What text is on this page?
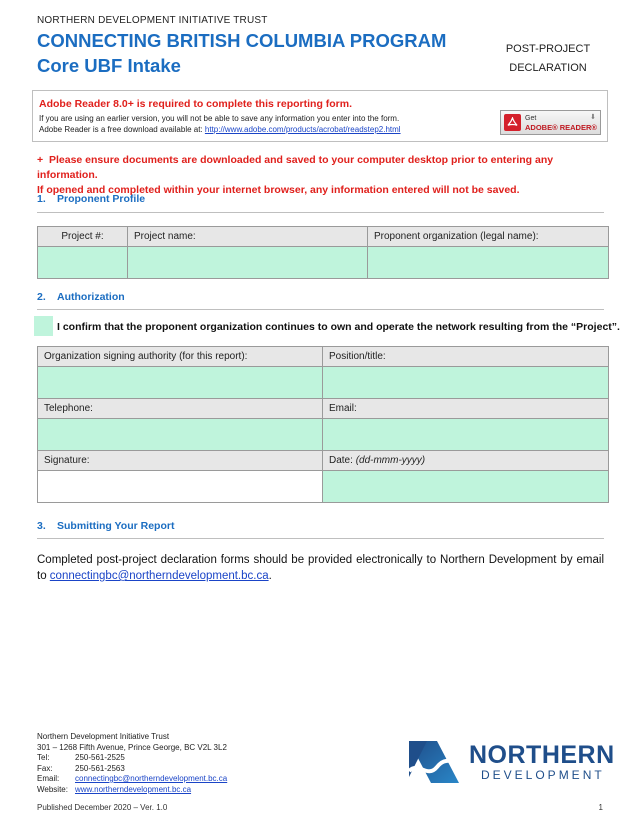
NORTHERN DEVELOPMENT INITIATIVE TRUST
CONNECTING BRITISH COLUMBIA PROGRAM
Core UBF Intake
POST-PROJECT
DECLARATION
Adobe Reader 8.0+ is required to complete this reporting form.
If you are using an earlier version, you will not be able to save any information you enter into the form.
Adobe Reader is a free download available at: http://www.adobe.com/products/acrobat/readstep2.html
Get
ADOBE® READER®
⬇
+ Please ensure documents are downloaded and saved to your computer desktop prior to entering any information.
If opened and completed within your internet browser, any information entered will not be saved.
1. Proponent Profile
Project #:	Project name:	Proponent organization (legal name):

2. Authorization
I confirm that the proponent organization continues to own and operate the network resulting from the “Project”.
Organization signing authority (for this report):	Position/title:

Telephone:	Email:

Signature:	Date: (dd-mmm-yyyy)

3. Submitting Your Report
Completed post-project declaration forms should be provided electronically to Northern Development by email to connectingbc@northerndevelopment.bc.ca.
Northern Development Initiative Trust
301 – 1268 Fifth Avenue, Prince George, BC V2L 3L2
Tel:	250-561-2525
Fax:	250-561-2563
Email:	connectingbc@northerndevelopment.bc.ca
Website: www.northerndevelopment.bc.ca
NORTHERN
DEVELOPMENT
Published December 2020 – Ver. 1.0	1
